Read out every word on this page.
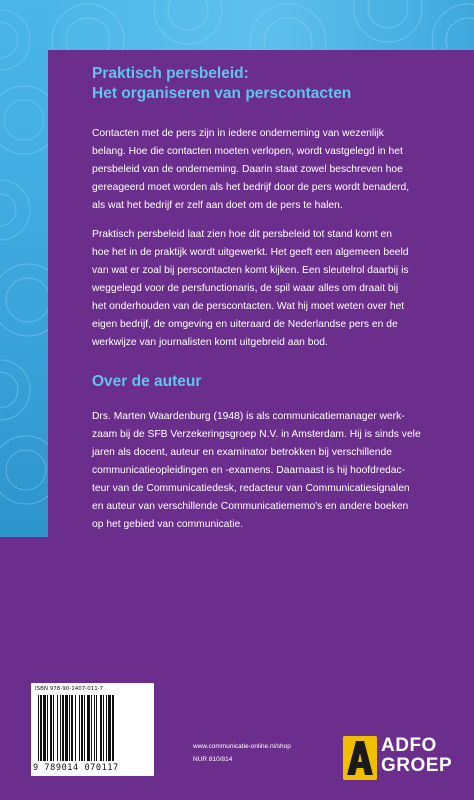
Praktisch persbeleid:
Het organiseren van perscontacten
Contacten met de pers zijn in iedere onderneming van wezenlijk
belang. Hoe die contacten moeten verlopen, wordt vastgelegd in het
persbeleid van de onderneming. Daarin staat zowel beschreven hoe
gereageerd moet worden als het bedrijf door de pers wordt benaderd,
als wat het bedrijf er zelf aan doet om de pers te halen.
Praktisch persbeleid laat zien hoe dit persbeleid tot stand komt en
hoe het in de praktijk wordt uitgewerkt. Het geeft een algemeen beeld
van wat er zoal bij perscontacten komt kijken. Een sleutelrol daarbij is
weggelegd voor de persfunctionaris, de spil waar alles om draait bij
het onderhouden van de perscontacten. Wat hij moet weten over het
eigen bedrijf, de omgeving en uiteraard de Nederlandse pers en de
werkwijze van journalisten komt uitgebreid aan bod.
Over de auteur
Drs. Marten Waardenburg (1948) is als communicatiemanager werk-
zaam bij de SFB Verzekeringsgroep N.V. in Amsterdam. Hij is sinds vele
jaren als docent, auteur en examinator betrokken bij verschillende
communicatieopleidingen en -examens. Daarnaast is hij hoofdredac-
teur van de Communicatiedesk, redacteur van Communicatiesignalen
en auteur van verschillende Communicatiememo's en andere boeken
op het gebied van communicatie.
ISBN 978-90-1407-011-7
9 789014 070117
www.communicatie-online.nl/shop
NUR 810/814
ADFO
GROEP
